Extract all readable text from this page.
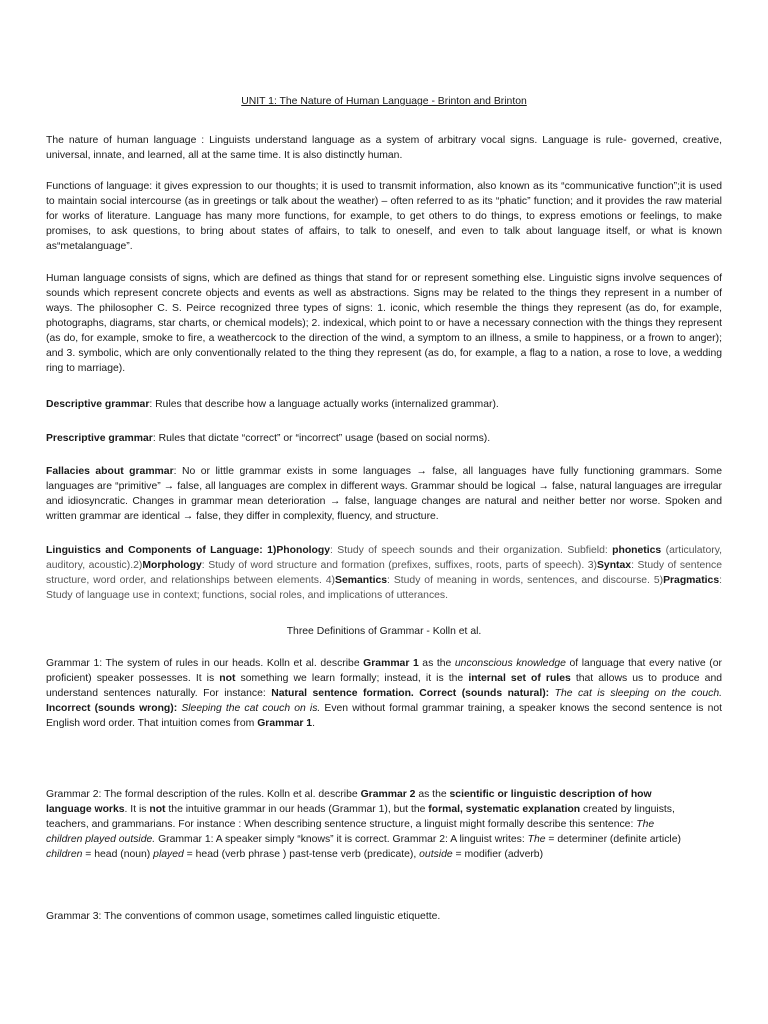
UNIT 1: The Nature of Human Language - Brinton and Brinton

The nature of human language : Linguists understand language as a system of arbitrary vocal signs. Language is rule- governed, creative, universal, innate, and learned, all at the same time. It is also distinctly human.

Functions of language: it gives expression to our thoughts; it is used to transmit information, also known as its “communicative function”;it is used to maintain social intercourse (as in greetings or talk about the weather) – often referred to as its “phatic” function; and it provides the raw material for works of literature. Language has many more functions, for example, to get others to do things, to express emotions or feelings, to make promises, to ask questions, to bring about states of affairs, to talk to oneself, and even to talk about language itself, or what is known as“metalanguage”.

Human language consists of signs, which are defined as things that stand for or represent something else. Linguistic signs involve sequences of sounds which represent concrete objects and events as well as abstractions. Signs may be related to the things they represent in a number of ways. The philosopher C. S. Peirce recognized three types of signs: 1. iconic, which resemble the things they represent (as do, for example, photographs, diagrams, star charts, or chemical models); 2. indexical, which point to or have a necessary connection with the things they represent (as do, for example, smoke to fire, a weathercock to the direction of the wind, a symptom to an illness, a smile to happiness, or a frown to anger); and 3. symbolic, which are only conventionally related to the thing they represent (as do, for example, a flag to a nation, a rose to love, a wedding ring to marriage).

Descriptive grammar: Rules that describe how a language actually works (internalized grammar).

Prescriptive grammar: Rules that dictate “correct” or “incorrect” usage (based on social norms).

Fallacies about grammar: No or little grammar exists in some languages → false, all languages have fully functioning grammars. Some languages are “primitive” → false, all languages are complex in different ways. Grammar should be logical → false, natural languages are irregular and idiosyncratic. Changes in grammar mean deterioration → false, language changes are natural and neither better nor worse. Spoken and written grammar are identical → false, they differ in complexity, fluency, and structure.

Linguistics and Components of Language: 1)Phonology: Study of speech sounds and their organization. Subfield: phonetics (articulatory, auditory, acoustic).2)Morphology: Study of word structure and formation (prefixes, suffixes, roots, parts of speech). 3)Syntax: Study of sentence structure, word order, and relationships between elements. 4)Semantics: Study of meaning in words, sentences, and discourse. 5)Pragmatics: Study of language use in context; functions, social roles, and implications of utterances.

Three Definitions of Grammar - Kolln et al.

Grammar 1: The system of rules in our heads. Kolln et al. describe Grammar 1 as the unconscious knowledge of language that every native (or proficient) speaker possesses. It is not something we learn formally; instead, it is the internal set of rules that allows us to produce and understand sentences naturally. For instance: Natural sentence formation. Correct (sounds natural): The cat is sleeping on the couch. Incorrect (sounds wrong): Sleeping the cat couch on is. Even without formal grammar training, a speaker knows the second sentence is not English word order. That intuition comes from Grammar 1.

Grammar 2: The formal description of the rules. Kolln et al. describe Grammar 2 as the scientific or linguistic description of how language works. It is not the intuitive grammar in our heads (Grammar 1), but the formal, systematic explanation created by linguists, teachers, and grammarians. For instance : When describing sentence structure, a linguist might formally describe this sentence: The children played outside. Grammar 1: A speaker simply “knows” it is correct. Grammar 2: A linguist writes: The = determiner (definite article) children = head (noun) played = head (verb phrase ) past-tense verb (predicate), outside = modifier (adverb)

Grammar 3: The conventions of common usage, sometimes called linguistic etiquette.
